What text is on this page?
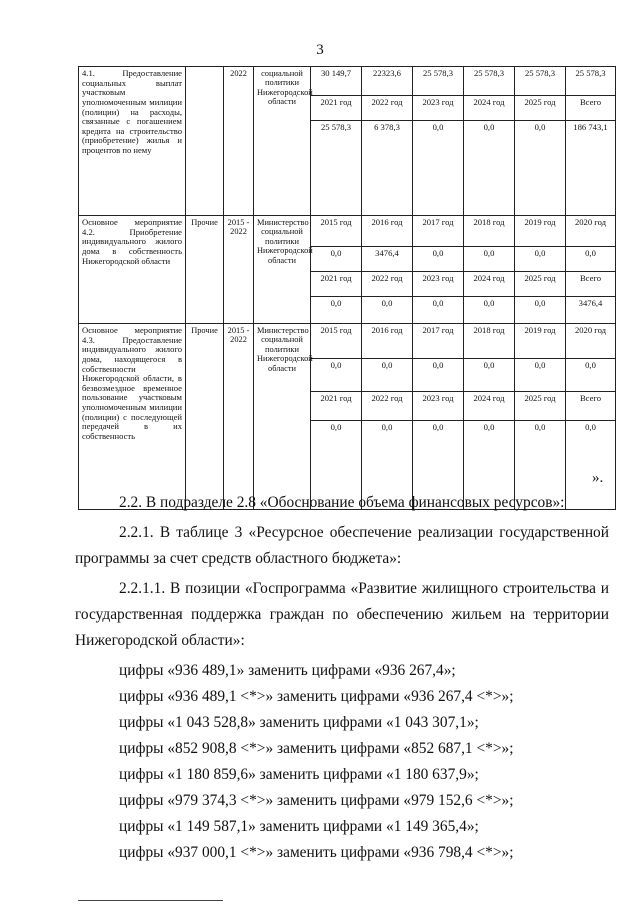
3
4.1. Предоставление социальных выплат участковым уполномоченным милиции (полиции) на расходы, связанные с погашением кредита на строительство (приобретение) жилья и процентов по нему		2022	социальной политики Нижегородской области	30 149,7	22323,6	25 578,3	25 578,3	25 578,3	25 578,3
				2021 год	2022 год	2023 год	2024 год	2025 год	Всего
				25 578,3	6 378,3	0,0	0,0	0,0	186 743,1
Основное мероприятие 4.2. Приобретение индивидуального жилого дома в собственность Нижегородской области	Прочие	2015 - 2022	Министерство социальной политики Нижегородской области	2015 год	2016 год	2017 год	2018 год	2019 год	2020 год
				0,0	3476,4	0,0	0,0	0,0	0,0
				2021 год	2022 год	2023 год	2024 год	2025 год	Всего
				0,0	0,0	0,0	0,0	0,0	3476,4
Основное мероприятие 4.3. Предоставление индивидуального жилого дома, находящегося в собственности Нижегородской области, в безвозмездное временное пользование участковым уполномоченным милиции (полиции) с последующей передачей в их собственность	Прочие	2015 - 2022	Министерство социальной политики Нижегородской области	2015 год	2016 год	2017 год	2018 год	2019 год	2020 год
				0,0	0,0	0,0	0,0	0,0	0,0
				2021 год	2022 год	2023 год	2024 год	2025 год	Всего
				0,0	0,0	0,0	0,0	0,0	0,0
».

2.2. В подразделе 2.8 «Обоснование объема финансовых ресурсов»:

2.2.1. В таблице 3 «Ресурсное обеспечение реализации государственной программы за счет средств областного бюджета»:

2.2.1.1. В позиции «Госпрограмма «Развитие жилищного строительства и государственная поддержка граждан по обеспечению жильем на территории Нижегородской области»:

цифры «936 489,1» заменить цифрами «936 267,4»;

цифры «936 489,1 <*>» заменить цифрами «936 267,4 <*>»;

цифры «1 043 528,8» заменить цифрами «1 043 307,1»;

цифры «852 908,8 <*>» заменить цифрами «852 687,1 <*>»;

цифры «1 180 859,6» заменить цифрами «1 180 637,9»;

цифры «979 374,3 <*>» заменить цифрами «979 152,6 <*>»;

цифры «1 149 587,1» заменить цифрами «1 149 365,4»;

цифры «937 000,1 <*>» заменить цифрами «936 798,4 <*>»;
